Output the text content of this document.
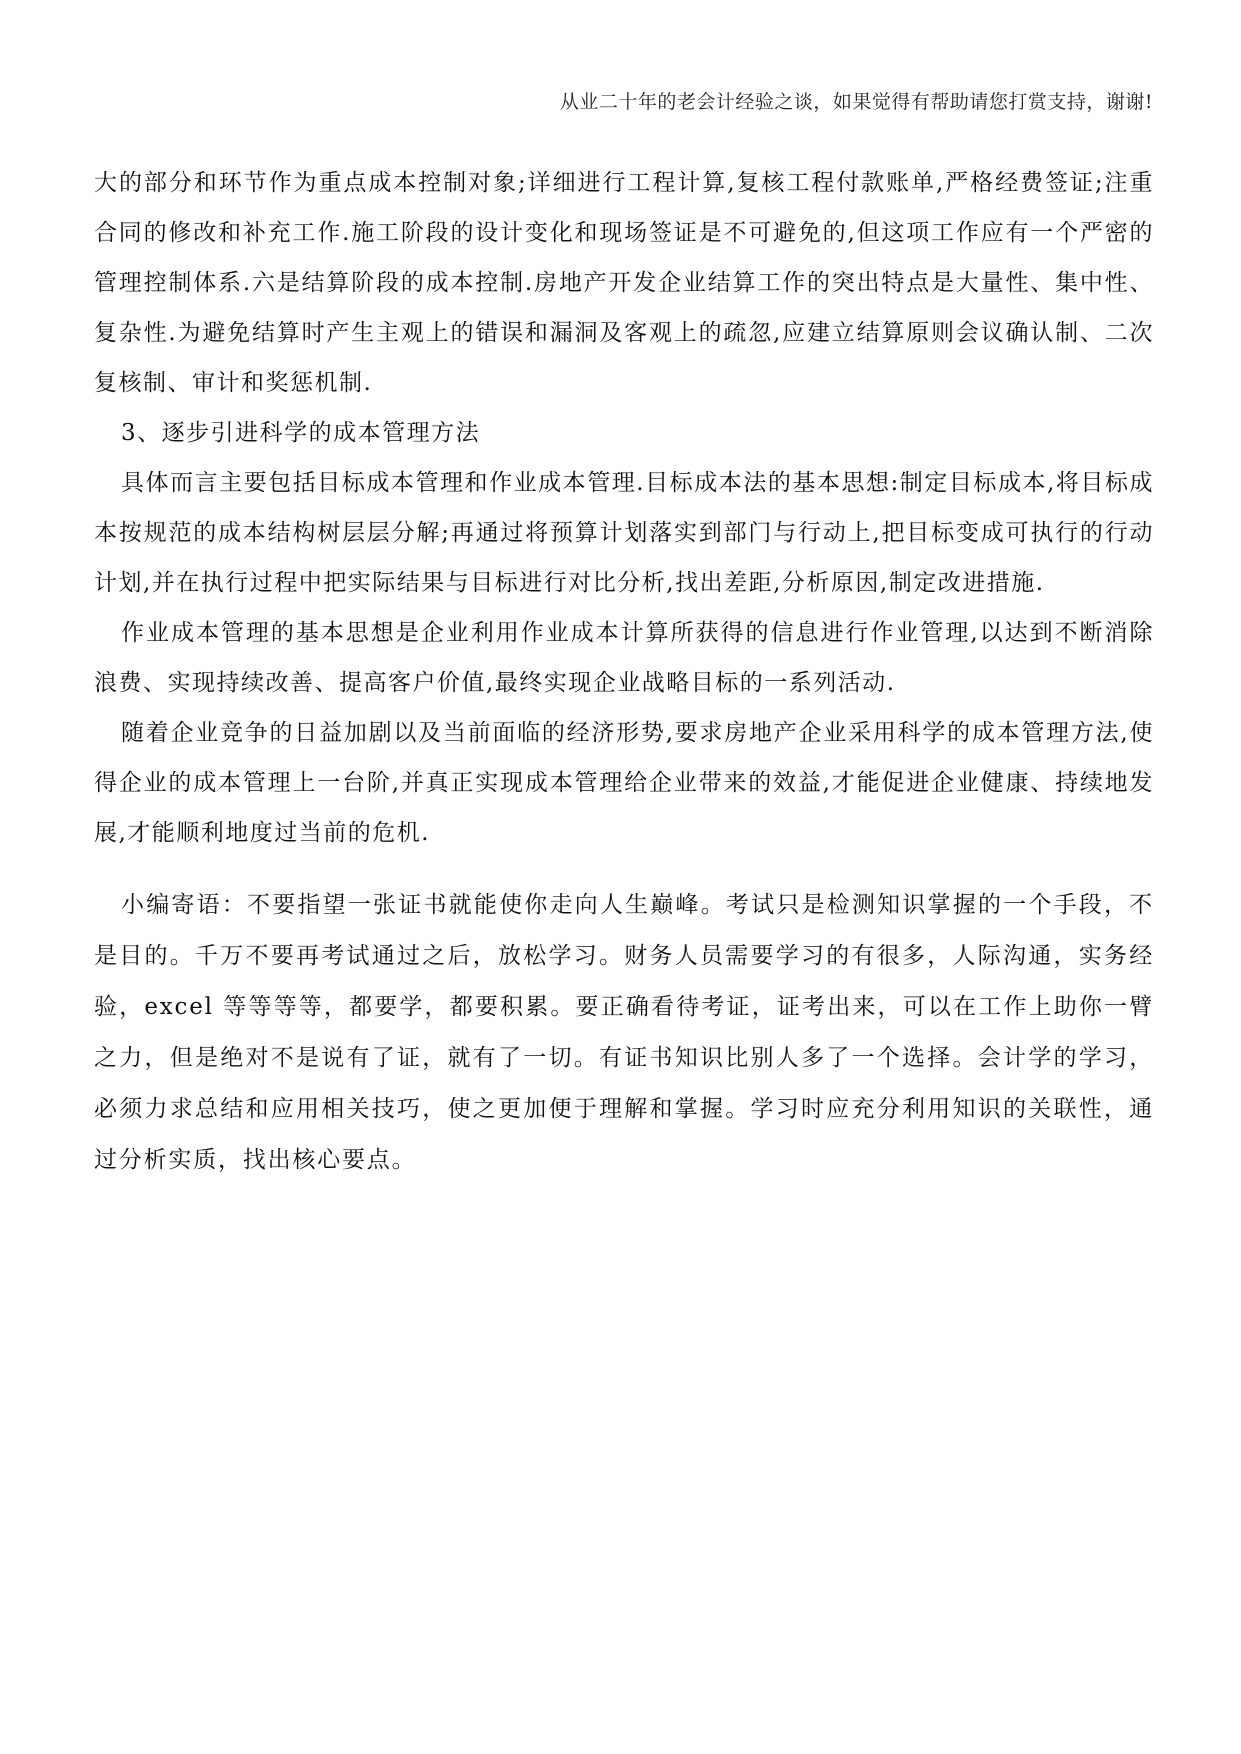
从业二十年的老会计经验之谈，如果觉得有帮助请您打赏支持，谢谢!

大的部分和环节作为重点成本控制对象;详细进行工程计算,复核工程付款账单,严格经费签证;注重合同的修改和补充工作.施工阶段的设计变化和现场签证是不可避免的,但这项工作应有一个严密的管理控制体系.六是结算阶段的成本控制.房地产开发企业结算工作的突出特点是大量性、集中性、复杂性.为避免结算时产生主观上的错误和漏洞及客观上的疏忽,应建立结算原则会议确认制、二次复核制、审计和奖惩机制.

3、逐步引进科学的成本管理方法

具体而言主要包括目标成本管理和作业成本管理.目标成本法的基本思想:制定目标成本,将目标成本按规范的成本结构树层层分解;再通过将预算计划落实到部门与行动上,把目标变成可执行的行动计划,并在执行过程中把实际结果与目标进行对比分析,找出差距,分析原因,制定改进措施.

作业成本管理的基本思想是企业利用作业成本计算所获得的信息进行作业管理,以达到不断消除浪费、实现持续改善、提高客户价值,最终实现企业战略目标的一系列活动.

随着企业竞争的日益加剧以及当前面临的经济形势,要求房地产企业采用科学的成本管理方法,使得企业的成本管理上一台阶,并真正实现成本管理给企业带来的效益,才能促进企业健康、持续地发展,才能顺利地度过当前的危机.

小编寄语：不要指望一张证书就能使你走向人生巅峰。考试只是检测知识掌握的一个手段，不是目的。千万不要再考试通过之后，放松学习。财务人员需要学习的有很多，人际沟通，实务经验，excel 等等等等，都要学，都要积累。要正确看待考证，证考出来，可以在工作上助你一臂之力，但是绝对不是说有了证，就有了一切。有证书知识比别人多了一个选择。会计学的学习，必须力求总结和应用相关技巧，使之更加便于理解和掌握。学习时应充分利用知识的关联性，通过分析实质，找出核心要点。
